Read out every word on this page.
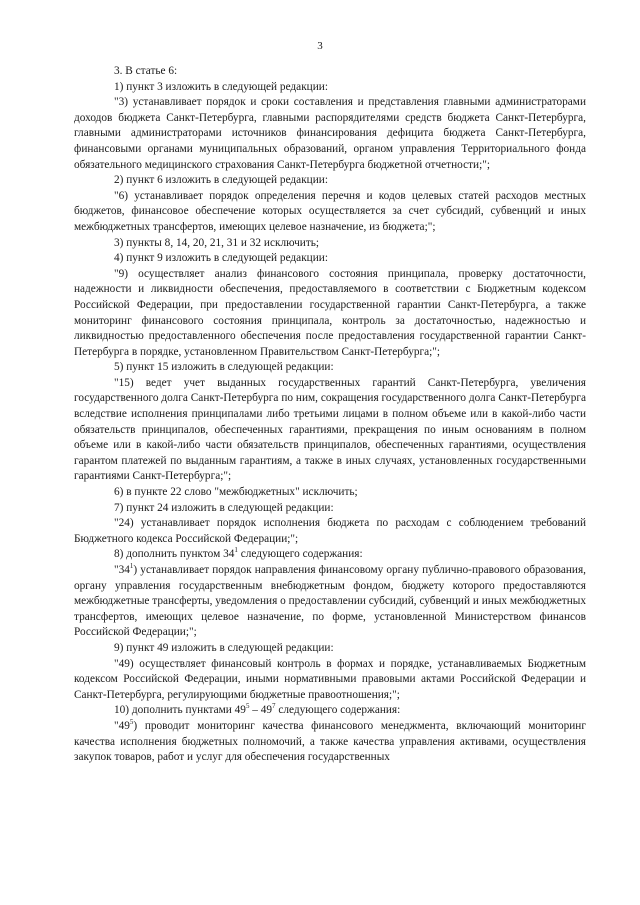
3

3. В статье 6:

1) пункт 3 изложить в следующей редакции:

"3) устанавливает порядок и сроки составления и представления главными администраторами доходов бюджета Санкт-Петербурга, главными распорядителями средств бюджета Санкт-Петербурга, главными администраторами источников финансирования дефицита бюджета Санкт-Петербурга, финансовыми органами муниципальных образований, органом управления Территориального фонда обязательного медицинского страхования Санкт-Петербурга бюджетной отчетности;";

2) пункт 6 изложить в следующей редакции:

"6) устанавливает порядок определения перечня и кодов целевых статей расходов местных бюджетов, финансовое обеспечение которых осуществляется за счет субсидий, субвенций и иных межбюджетных трансфертов, имеющих целевое назначение, из бюджета;";

3) пункты 8, 14, 20, 21, 31 и 32 исключить;

4) пункт 9 изложить в следующей редакции:

"9) осуществляет анализ финансового состояния принципала, проверку достаточности, надежности и ликвидности обеспечения, предоставляемого в соответствии с Бюджетным кодексом Российской Федерации, при предоставлении государственной гарантии Санкт-Петербурга, а также мониторинг финансового состояния принципала, контроль за достаточностью, надежностью и ликвидностью предоставленного обеспечения после предоставления государственной гарантии Санкт-Петербурга в порядке, установленном Правительством Санкт-Петербурга;";

5) пункт 15 изложить в следующей редакции:

"15) ведет учет выданных государственных гарантий Санкт-Петербурга, увеличения государственного долга Санкт-Петербурга по ним, сокращения государственного долга Санкт-Петербурга вследствие исполнения принципалами либо третьими лицами в полном объеме или в какой-либо части обязательств принципалов, обеспеченных гарантиями, прекращения по иным основаниям в полном объеме или в какой-либо части обязательств принципалов, обеспеченных гарантиями, осуществления гарантом платежей по выданным гарантиям, а также в иных случаях, установленных государственными гарантиями Санкт-Петербурга;";

6) в пункте 22 слово "межбюджетных" исключить;

7) пункт 24 изложить в следующей редакции:

"24) устанавливает порядок исполнения бюджета по расходам с соблюдением требований Бюджетного кодекса Российской Федерации;";

8) дополнить пунктом $34^1$ следующего содержания:

"$34^1$) устанавливает порядок направления финансовому органу публично-правового образования, органу управления государственным внебюджетным фондом, бюджету которого предоставляются межбюджетные трансферты, уведомления о предоставлении субсидий, субвенций и иных межбюджетных трансфертов, имеющих целевое назначение, по форме, установленной Министерством финансов Российской Федерации;";

9) пункт 49 изложить в следующей редакции:

"49) осуществляет финансовый контроль в формах и порядке, устанавливаемых Бюджетным кодексом Российской Федерации, иными нормативными правовыми актами Российской Федерации и Санкт-Петербурга, регулирующими бюджетные правоотношения;";

10) дополнить пунктами $49^5 - 49^7$ следующего содержания:

"$49^5$) проводит мониторинг качества финансового менеджмента, включающий мониторинг качества исполнения бюджетных полномочий, а также качества управления активами, осуществления закупок товаров, работ и услуг для обеспечения государственных
